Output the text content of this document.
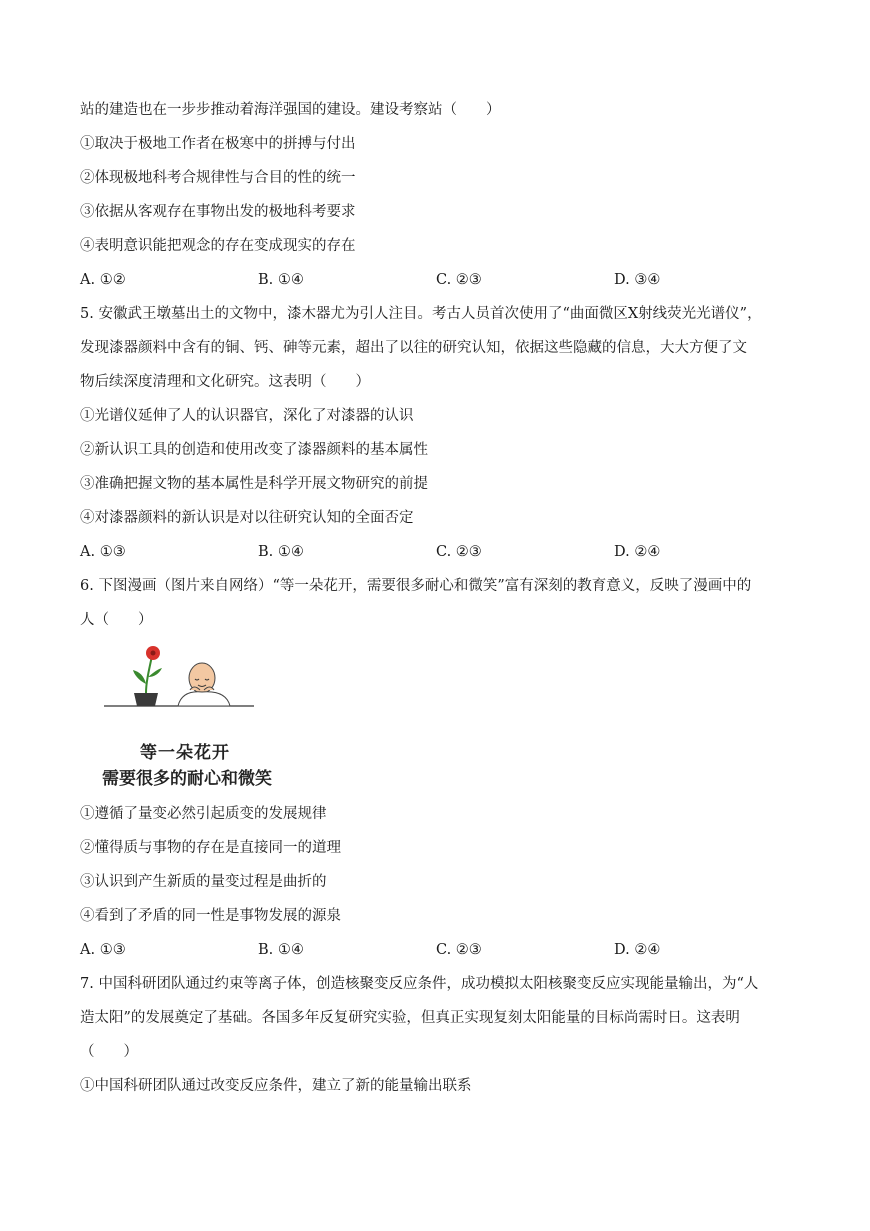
站的建造也在一步步推动着海洋强国的建设。建设考察站（　　）
①取决于极地工作者在极寒中的拼搏与付出
②体现极地科考合规律性与合目的性的统一
③依据从客观存在事物出发的极地科考要求
④表明意识能把观念的存在变成现实的存在
A. ①②	B. ①④	C. ②③	D. ③④
5. 安徽武王墩墓出土的文物中，漆木器尤为引人注目。考古人员首次使用了“曲面微区X射线荧光光谱仪”，
发现漆器颜料中含有的铜、钙、砷等元素，超出了以往的研究认知，依据这些隐藏的信息，大大方便了文
物后续深度清理和文化研究。这表明（　　）
①光谱仪延伸了人的认识器官，深化了对漆器的认识
②新认识工具的创造和使用改变了漆器颜料的基本属性
③准确把握文物的基本属性是科学开展文物研究的前提
④对漆器颜料的新认识是对以往研究认知的全面否定
A. ①③	B. ①④	C. ②③	D. ②④
6. 下图漫画（图片来自网络）“等一朵花开，需要很多耐心和微笑”富有深刻的教育意义，反映了漫画中的
人（　　）
等一朵花开
需要很多的耐心和微笑
①遵循了量变必然引起质变的发展规律
②懂得质与事物的存在是直接同一的道理
③认识到产生新质的量变过程是曲折的
④看到了矛盾的同一性是事物发展的源泉
A. ①③	B. ①④	C. ②③	D. ②④
7. 中国科研团队通过约束等离子体，创造核聚变反应条件，成功模拟太阳核聚变反应实现能量输出，为“人
造太阳”的发展奠定了基础。各国多年反复研究实验，但真正实现复刻太阳能量的目标尚需时日。这表明
（　　）
①中国科研团队通过改变反应条件，建立了新的能量输出联系
